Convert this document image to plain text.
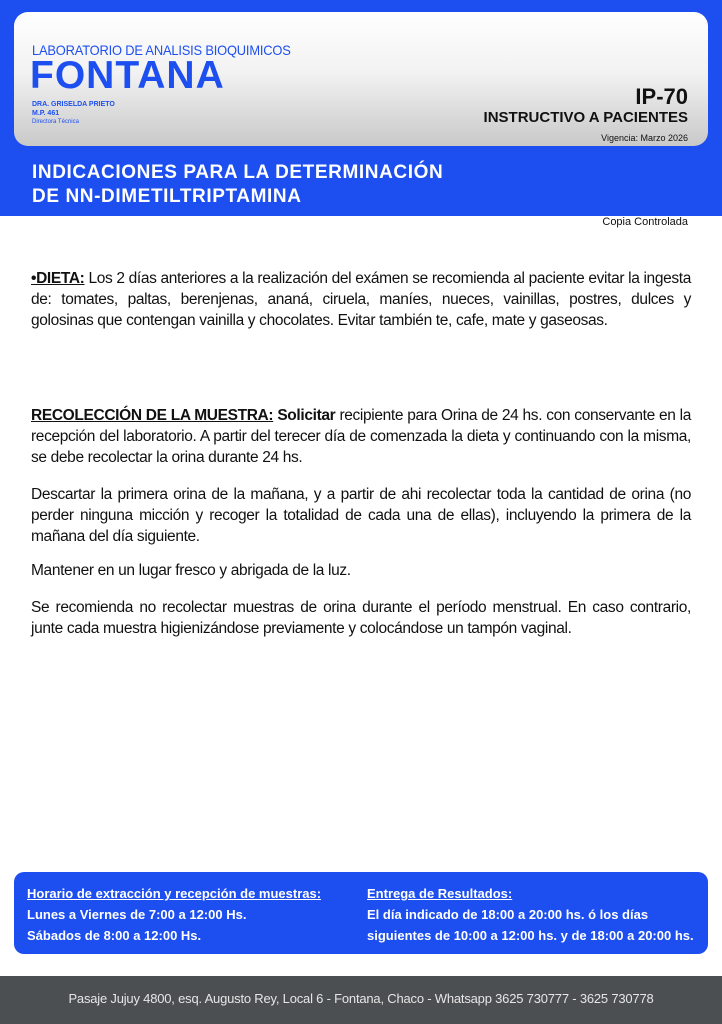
LABORATORIO DE ANALISIS BIOQUIMICOS
FONTANA
DRA. GRISELDA PRIETO
M.P. 461
Directora Técnica
IP-70
INSTRUCTIVO A PACIENTES
Vigencia: Marzo 2026
INDICACIONES PARA LA DETERMINACIÓN
DE NN-DIMETILTRIPTAMINA
Copia Controlada

•DIETA: Los 2 días anteriores a la realización del exámen se recomienda al paciente evitar la ingesta de: tomates, paltas, berenjenas, ananá, ciruela, maníes, nueces, vainillas, postres, dulces y golosinas que contengan vainilla y chocolates. Evitar también te, cafe, mate y gaseosas.

RECOLECCIÓN DE LA MUESTRA: Solicitar recipiente para Orina de 24 hs. con conservante en la recepción del laboratorio. A partir del terecer día de comenzada la dieta y continuando con la misma, se debe recolectar la orina durante 24 hs.

Descartar la primera orina de la mañana, y a partir de ahi recolectar toda la cantidad de orina (no perder ninguna micción y recoger la totalidad de cada una de ellas), incluyendo la primera de la mañana del día siguiente.

Mantener en un lugar fresco y abrigada de la luz.

Se recomienda no recolectar muestras de orina durante el período menstrual. En caso contrario, junte cada muestra higienizándose previamente y colocándose un tampón vaginal.

Horario de extracción y recepción de muestras:
Lunes a Viernes de 7:00 a 12:00 Hs.
Sábados de 8:00 a 12:00 Hs.
Entrega de Resultados:
El día indicado de 18:00 a 20:00 hs. ó los días
siguientes de 10:00 a 12:00 hs. y de 18:00 a 20:00 hs.
Pasaje Jujuy 4800, esq. Augusto Rey, Local 6 - Fontana, Chaco - Whatsapp 3625 730777 - 3625 730778
